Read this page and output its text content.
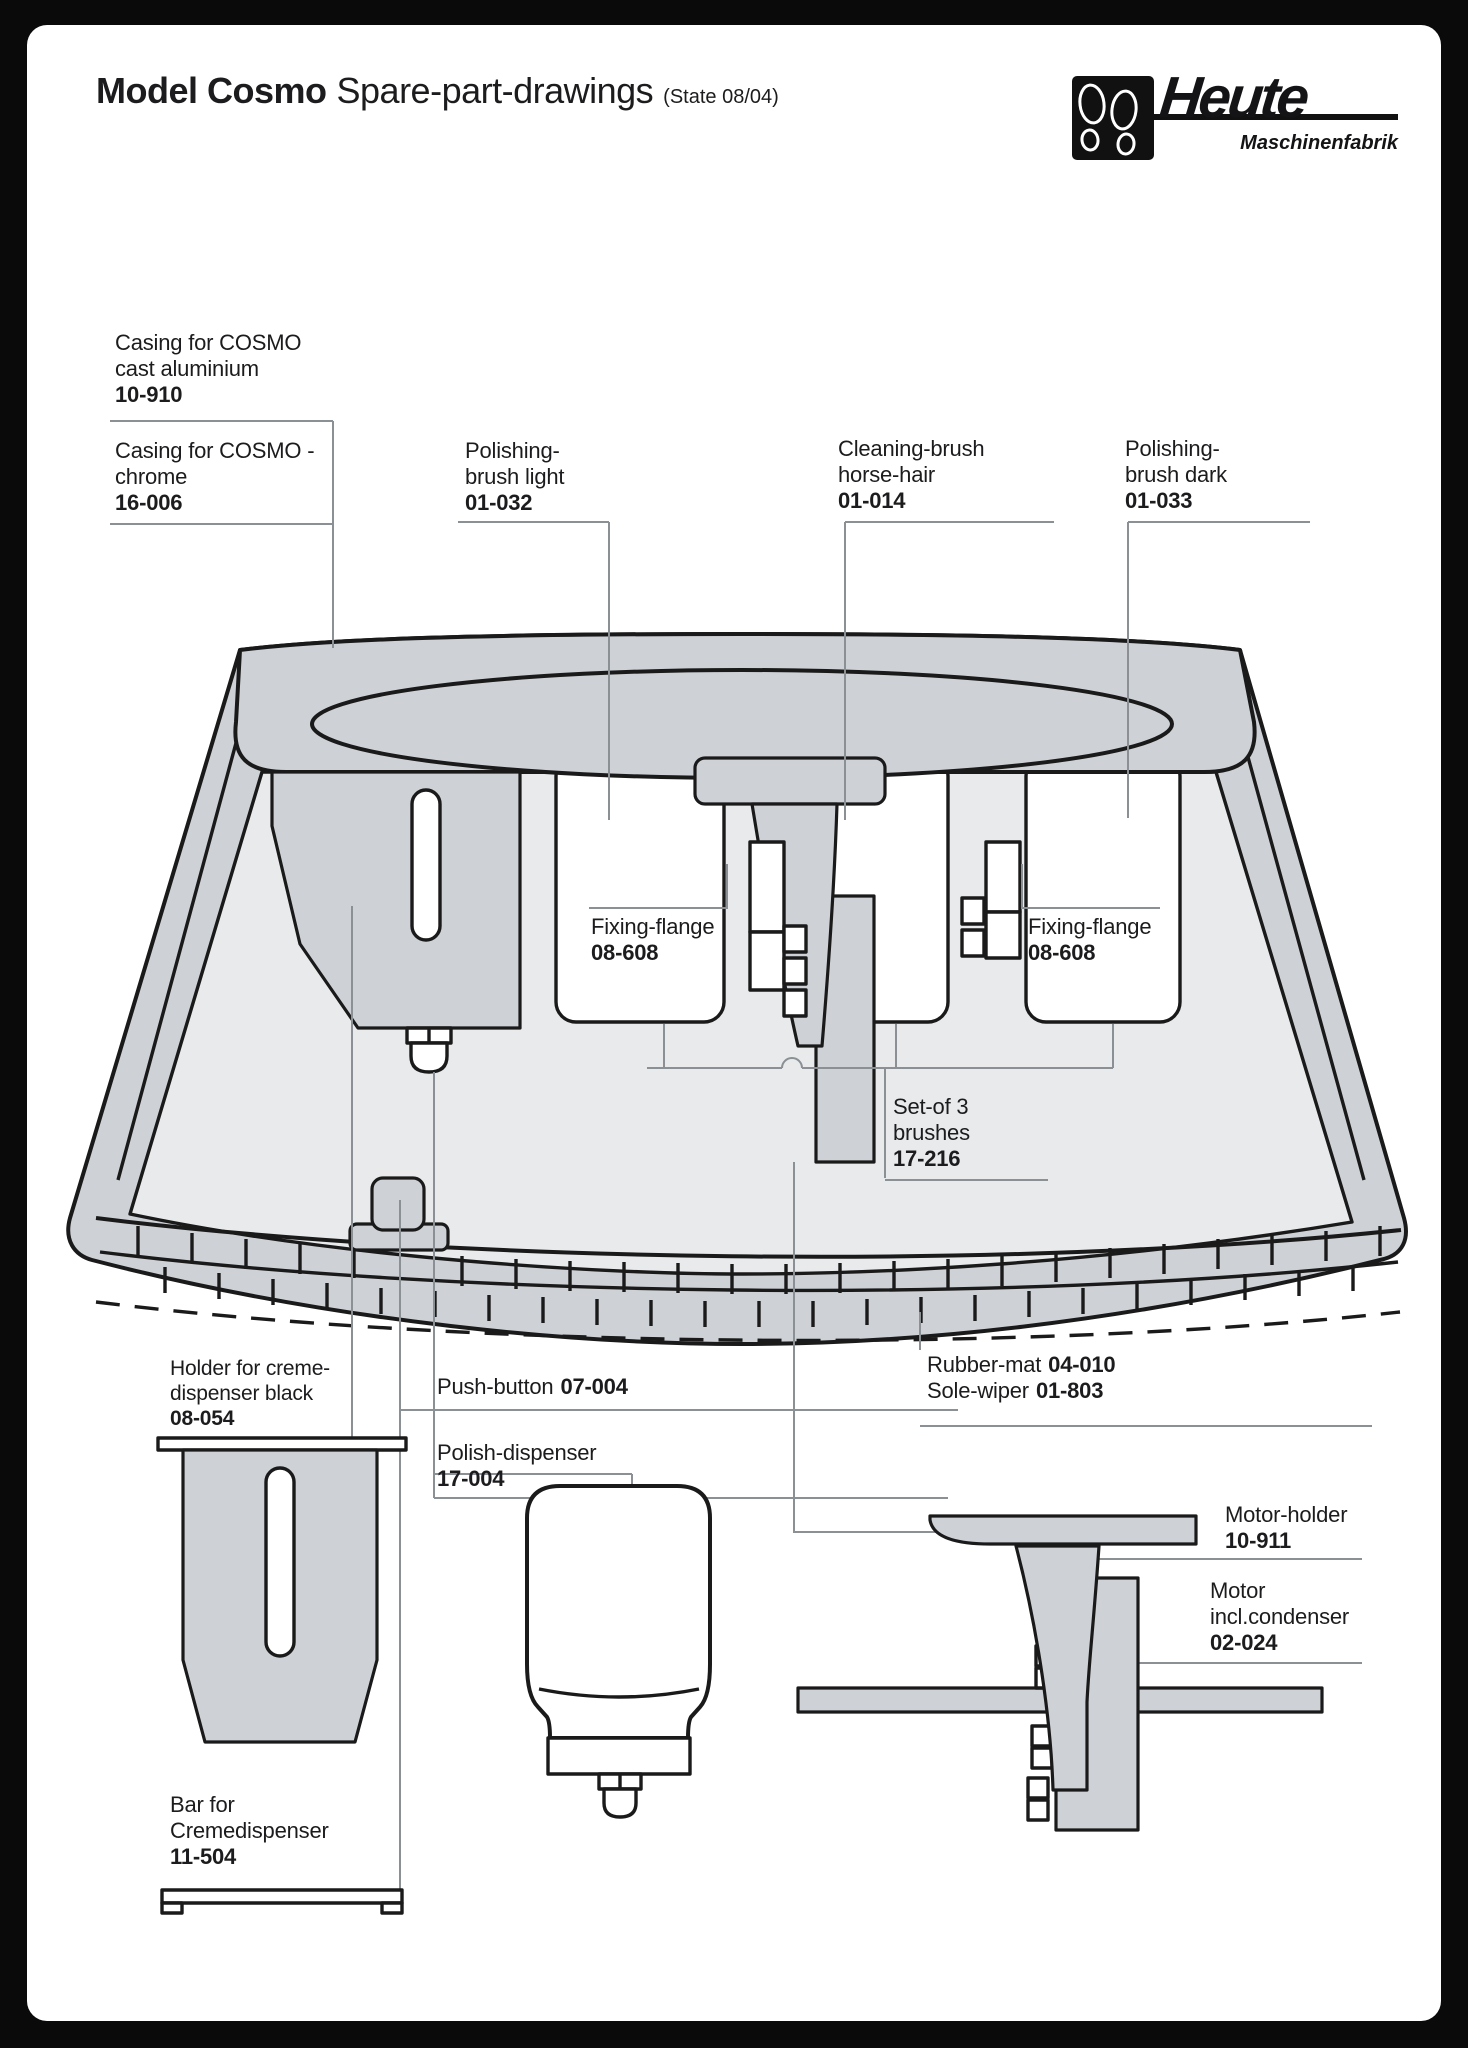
Model Cosmo Spare-part-drawings (State 08/04)	Heute
Maschinenfabrik
Casing for COSMO
cast aluminium
10-910
Casing for COSMO -
chrome
16-006
Polishing-
brush light
01-032
Cleaning-brush
horse-hair
01-014
Polishing-
brush dark
01-033
Fixing-flange
08-608
Fixing-flange
08-608
Set-of 3
brushes
17-216
Holder for creme-
dispenser black
08-054
Push-button 07-004
Polish-dispenser
17-004
Rubber-mat 04-010
Sole-wiper 01-803
Motor-holder
10-911
Motor
incl.condenser
02-024
Bar for
Cremedispenser
11-504
